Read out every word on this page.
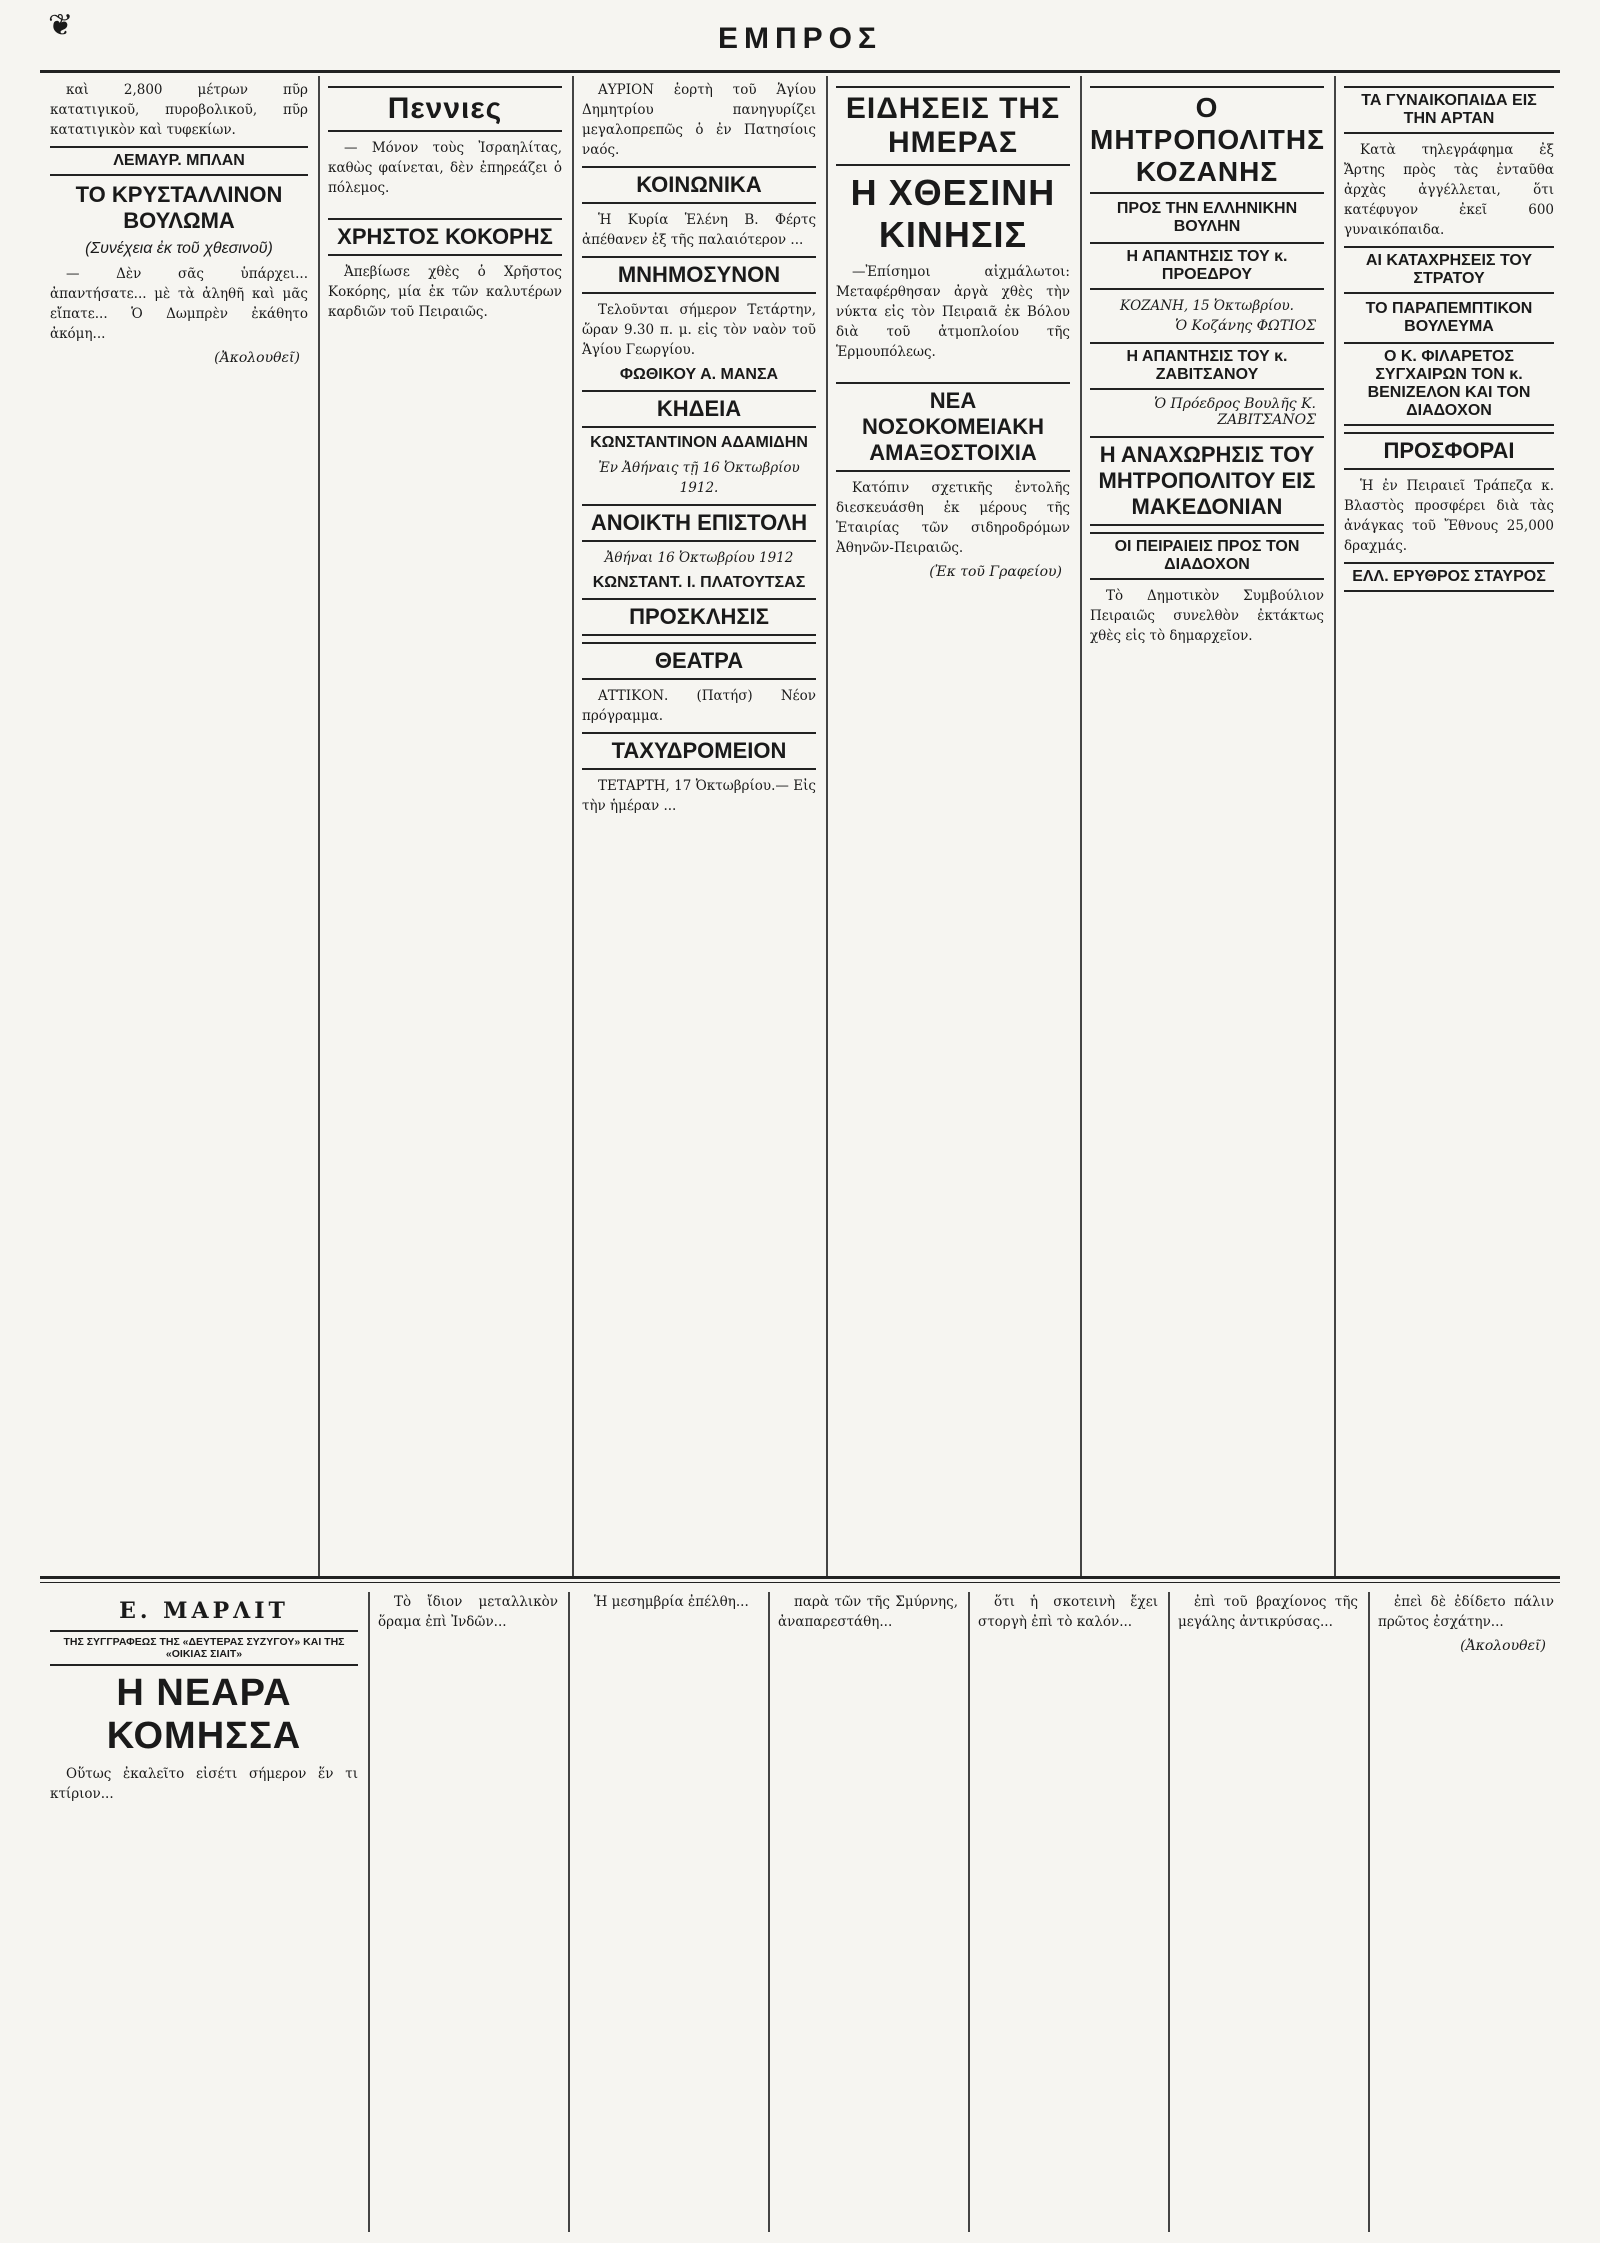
❦	ΕΜΠΡΟΣ

καὶ 2,800 μέτρων πῦρ κατατιγικοῦ, πυροβολικοῦ, πῦρ κατατιγικὸν καὶ τυφεκίων.

ΛΕΜΑΥΡ. ΜΠΛΑΝ
ΤΟ ΚΡΥΣΤΑΛΛΙΝΟΝ ΒΟΥΛΩΜΑ
(Συνέχεια ἐκ τοῦ χθεσινοῦ)

— Δὲν σᾶς ὑπάρχει... ἀπαντήσατε... μὲ τὰ ἀληθῆ καὶ μᾶς εἴπατε... Ὁ Δωμπρὲν ἐκάθητο ἀκόμη...

(Ἀκολουθεῖ)
Πεννιες

— Μόνον τοὺς Ἰσραηλίτας, καθὼς φαίνεται, δὲν ἐπηρεάζει ὁ πόλεμος.

ΧΡΗΣΤΟΣ ΚΟΚΟΡΗΣ

Ἀπεβίωσε χθὲς ὁ Χρῆστος Κοκόρης, μία ἐκ τῶν καλυτέρων καρδιῶν τοῦ Πειραιῶς.

ΑΥΡΙΟΝ ἑορτὴ τοῦ Ἁγίου Δημητρίου πανηγυρίζει μεγαλοπρεπῶς ὁ ἐν Πατησίοις ναός.

ΚΟΙΝΩΝΙΚΑ

Ἡ Κυρία Ἑλένη Β. Φέρτς ἀπέθανεν ἐξ τῆς παλαιότερον ...

ΜΝΗΜΟΣΥΝΟΝ

Τελοῦνται σήμερον Τετάρτην, ὥραν 9.30 π. μ. εἰς τὸν ναὸν τοῦ Ἁγίου Γεωργίου.

ΦΩΘΙΚΟΥ Α. ΜΑΝΣΑ
ΚΗΔΕΙΑ
ΚΩΝΣΤΑΝΤΙΝΟΝ ΑΔΑΜΙΔΗΝ
Ἐν Ἀθήναις τῇ 16 Ὀκτωβρίου 1912.
ΑΝΟΙΚΤΗ ΕΠΙΣΤΟΛΗ
Ἀθήναι 16 Ὀκτωβρίου 1912
ΚΩΝΣΤΑΝΤ. Ι. ΠΛΑΤΟΥΤΣΑΣ
ΠΡΟΣΚΛΗΣΙΣ
ΘΕΑΤΡΑ

ΑΤΤΙΚΟΝ. (Πατήσ) Νέον πρόγραμμα.

ΤΑΧΥΔΡΟΜΕΙΟΝ

ΤΕΤΑΡΤΗ, 17 Ὀκτωβρίου.— Εἰς τὴν ἡμέραν ...

ΕΙΔΗΣΕΙΣ ΤΗΣ ΗΜΕΡΑΣ
Η ΧΘΕΣΙΝΗ ΚΙΝΗΣΙΣ

—Ἐπίσημοι αἰχμάλωτοι: Μεταφέρθησαν ἀργὰ χθὲς τὴν νύκτα εἰς τὸν Πειραιᾶ ἐκ Βόλου διὰ τοῦ ἀτμοπλοίου τῆς Ἑρμουπόλεως.

ΝΕΑ ΝΟΣΟΚΟΜΕΙΑΚΗ ΑΜΑΞΟΣΤΟΙΧΙΑ

Κατόπιν σχετικῆς ἐντολῆς διεσκευάσθη ἐκ μέρους τῆς Ἑταιρίας τῶν σιδηροδρόμων Ἀθηνῶν-Πειραιῶς.

(Ἐκ τοῦ Γραφείου)
Ο ΜΗΤΡΟΠΟΛΙΤΗΣ ΚΟΖΑΝΗΣ
ΠΡΟΣ ΤΗΝ ΕΛΛΗΝΙΚΗΝ ΒΟΥΛΗΝ
Η ΑΠΑΝΤΗΣΙΣ ΤΟΥ κ. ΠΡΟΕΔΡΟΥ
ΚΟΖΑΝΗ, 15 Ὀκτωβρίου.
Ὁ Κοζάνης ΦΩΤΙΟΣ
Η ΑΠΑΝΤΗΣΙΣ ΤΟΥ κ. ΖΑΒΙΤΣΑΝΟΥ
Ὁ Πρόεδρος Βουλῆς Κ. ΖΑΒΙΤΣΑΝΟΣ
Η ΑΝΑΧΩΡΗΣΙΣ ΤΟΥ ΜΗΤΡΟΠΟΛΙΤΟΥ ΕΙΣ ΜΑΚΕΔΟΝΙΑΝ
ΟΙ ΠΕΙΡΑΙΕΙΣ ΠΡΟΣ ΤΟΝ ΔΙΑΔΟΧΟΝ

Τὸ Δημοτικὸν Συμβούλιον Πειραιῶς συνελθὸν ἐκτάκτως χθὲς εἰς τὸ δημαρχεῖον.

ΤΑ ΓΥΝΑΙΚΟΠΑΙΔΑ ΕΙΣ ΤΗΝ ΑΡΤΑΝ

Κατὰ τηλεγράφημα ἐξ Ἄρτης πρὸς τὰς ἐνταῦθα ἀρχὰς ἀγγέλλεται, ὅτι κατέφυγον ἐκεῖ 600 γυναικόπαιδα.

ΑΙ ΚΑΤΑΧΡΗΣΕΙΣ ΤΟΥ ΣΤΡΑΤΟΥ
ΤΟ ΠΑΡΑΠΕΜΠΤΙΚΟΝ ΒΟΥΛΕΥΜΑ
Ο Κ. ΦΙΛΑΡΕΤΟΣ ΣΥΓΧΑΙΡΩΝ ΤΟΝ κ. ΒΕΝΙΖΕΛΟΝ ΚΑΙ ΤΟΝ ΔΙΑΔΟΧΟΝ
ΠΡΟΣΦΟΡΑΙ

Ἡ ἐν Πειραιεῖ Τράπεζα κ. Βλαστὸς προσφέρει διὰ τὰς ἀνάγκας τοῦ Ἔθνους 25,000 δραχμάς.

ΕΛΛ. ΕΡΥΘΡΟΣ ΣΤΑΥΡΟΣ
Ε. ΜΑΡΛΙΤ
ΤΗΣ ΣΥΓΓΡΑΦΕΩΣ ΤΗΣ «ΔΕΥΤΕΡΑΣ ΣΥΖΥΓΟΥ» ΚΑΙ ΤΗΣ «ΟΙΚΙΑΣ ΣΙΑΙΤ»
Η ΝΕΑΡΑ ΚΟΜΗΣΣΑ

Οὕτως ἐκαλεῖτο εἰσέτι σήμερον ἕν τι κτίριον...

Τὸ ἴδιον μεταλλικὸν ὅραμα ἐπὶ Ἰνδῶν...

Ἡ μεσημβρία ἐπέλθη...	παρὰ τῶν τῆς Σμύρνης, ἀναπαρεστάθη...

ὅτι ἡ σκοτεινὴ ἔχει στοργὴ ἐπὶ τὸ καλόν...

ἐπὶ τοῦ βραχίονος τῆς μεγάλης ἀντικρύσας...

ἐπεὶ δὲ ἐδίδετο πάλιν πρῶτος ἐσχάτην...

(Ἀκολουθεῖ)
